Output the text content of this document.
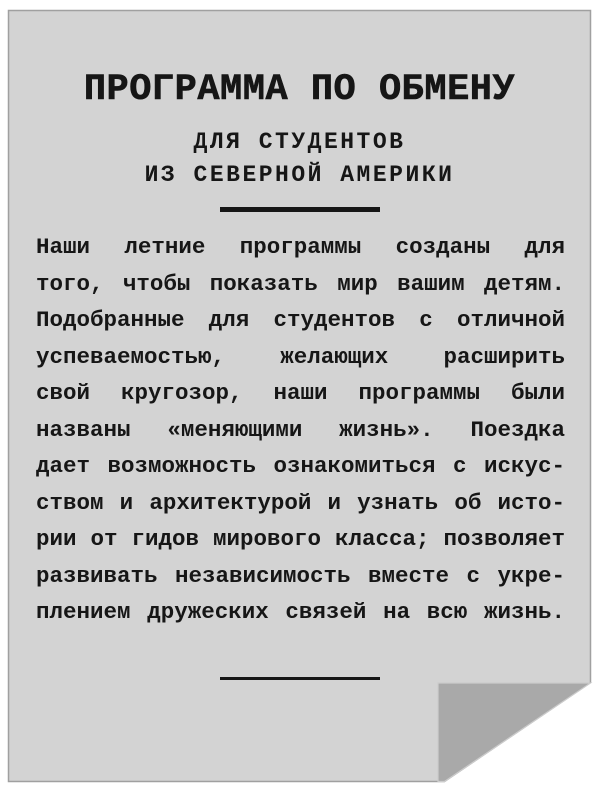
ПРОГРАММА ПО ОБМЕНУ
ДЛЯ СТУДЕНТОВ
ИЗ СЕВЕРНОЙ АМЕРИКИ
Наши летние программы созданы для
того, чтобы показать мир вашим детям.
Подобранные для студентов с отличной
успеваемостью, желающих расширить
свой кругозор, наши программы были
названы «меняющими жизнь». Поездка
дает возможность ознакомиться с искус-
ством и архитектурой и узнать об исто-
рии от гидов мирового класса; позволяет
развивать независимость вместе с укре-
плением дружеских связей на всю жизнь.
